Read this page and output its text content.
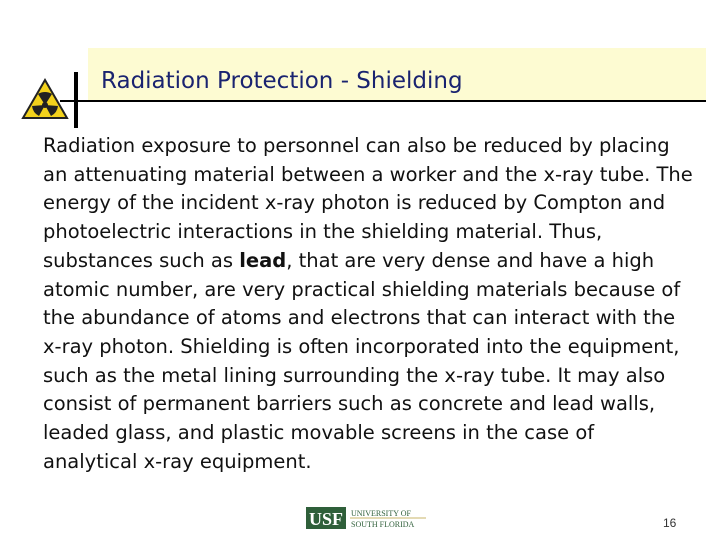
Radiation Protection - Shielding
Radiation exposure to personnel can also be reduced by placing an attenuating material between a worker and the x-ray tube. The energy of the incident x-ray photon is reduced by Compton and photoelectric interactions in the shielding material. Thus, substances such as lead, that are very dense and have a high atomic number, are very practical shielding materials because of the abundance of atoms and electrons that can interact with the x-ray photon. Shielding is often incorporated into the equipment, such as the metal lining surrounding the x-ray tube. It may also consist of permanent barriers such as concrete and lead walls, leaded glass, and plastic movable screens in the case of analytical x-ray equipment.
USF UNIVERSITY OF
SOUTH FLORIDA	16
